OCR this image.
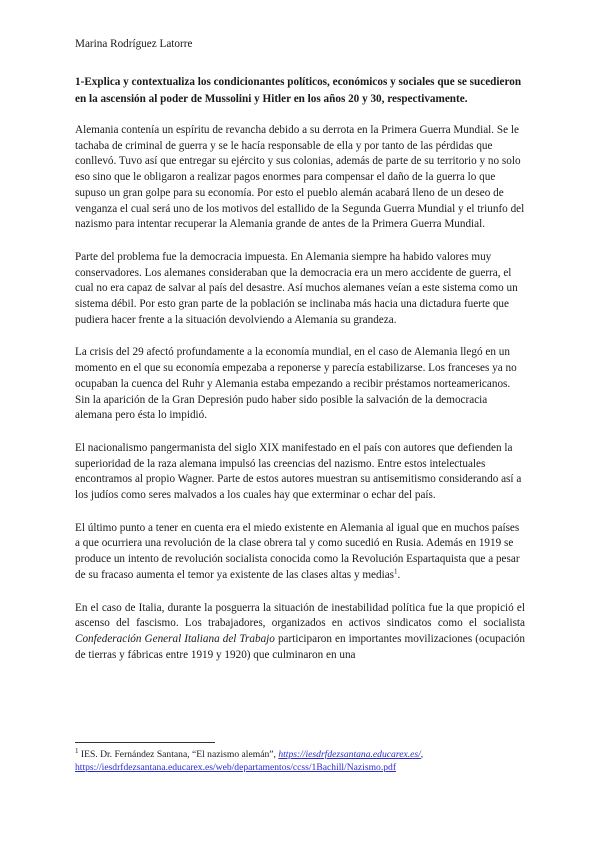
Marina Rodríguez Latorre
1-Explica y contextualiza los condicionantes políticos, económicos y sociales que se sucedieron en la ascensión al poder de Mussolini y Hitler en los años 20 y 30, respectivamente.

Alemania contenía un espíritu de revancha debido a su derrota en la Primera Guerra Mundial. Se le tachaba de criminal de guerra y se le hacía responsable de ella y por tanto de las pérdidas que conllevó. Tuvo así que entregar su ejército y sus colonias, además de parte de su territorio y no solo eso sino que le obligaron a realizar pagos enormes para compensar el daño de la guerra lo que supuso un gran golpe para su economía. Por esto el pueblo alemán acabará lleno de un deseo de venganza el cual será uno de los motivos del estallido de la Segunda Guerra Mundial y el triunfo del nazismo para intentar recuperar la Alemania grande de antes de la Primera Guerra Mundial.

Parte del problema fue la democracia impuesta. En Alemania siempre ha habido valores muy conservadores. Los alemanes consideraban que la democracia era un mero accidente de guerra, el cual no era capaz de salvar al país del desastre. Así muchos alemanes veían a este sistema como un sistema débil. Por esto gran parte de la población se inclinaba más hacia una dictadura fuerte que pudiera hacer frente a la situación devolviendo a Alemania su grandeza.

La crisis del 29 afectó profundamente a la economía mundial, en el caso de Alemania llegó en un momento en el que su economía empezaba a reponerse y parecía estabilizarse. Los franceses ya no ocupaban la cuenca del Ruhr y Alemania estaba empezando a recibir préstamos norteamericanos. Sin la aparición de la Gran Depresión pudo haber sido posible la salvación de la democracia alemana pero ésta lo impidió.

El nacionalismo pangermanista del siglo XIX manifestado en el país con autores que defienden la superioridad de la raza alemana impulsó las creencias del nazismo. Entre estos intelectuales encontramos al propio Wagner. Parte de estos autores muestran su antisemitismo considerando así a los judíos como seres malvados a los cuales hay que exterminar o echar del país.

El último punto a tener en cuenta era el miedo existente en Alemania al igual que en muchos países a que ocurriera una revolución de la clase obrera tal y como sucedió en Rusia. Además en 1919 se produce un intento de revolución socialista conocida como la Revolución Espartaquista que a pesar de su fracaso aumenta el temor ya existente de las clases altas y medias$^1$.

En el caso de Italia, durante la posguerra la situación de inestabilidad política fue la que propició el ascenso del fascismo. Los trabajadores, organizados en activos sindicatos como el socialista Confederación General Italiana del Trabajo participaron en importantes movilizaciones (ocupación de tierras y fábricas entre 1919 y 1920) que culminaron en una

$^1$ IES. Dr. Fernández Santana, “El nazismo alemán”, https://iesdrfdezsantana.educarex.es/,
https://iesdrfdezsantana.educarex.es/web/departamentos/ccss/1Bachill/Nazismo.pdf
